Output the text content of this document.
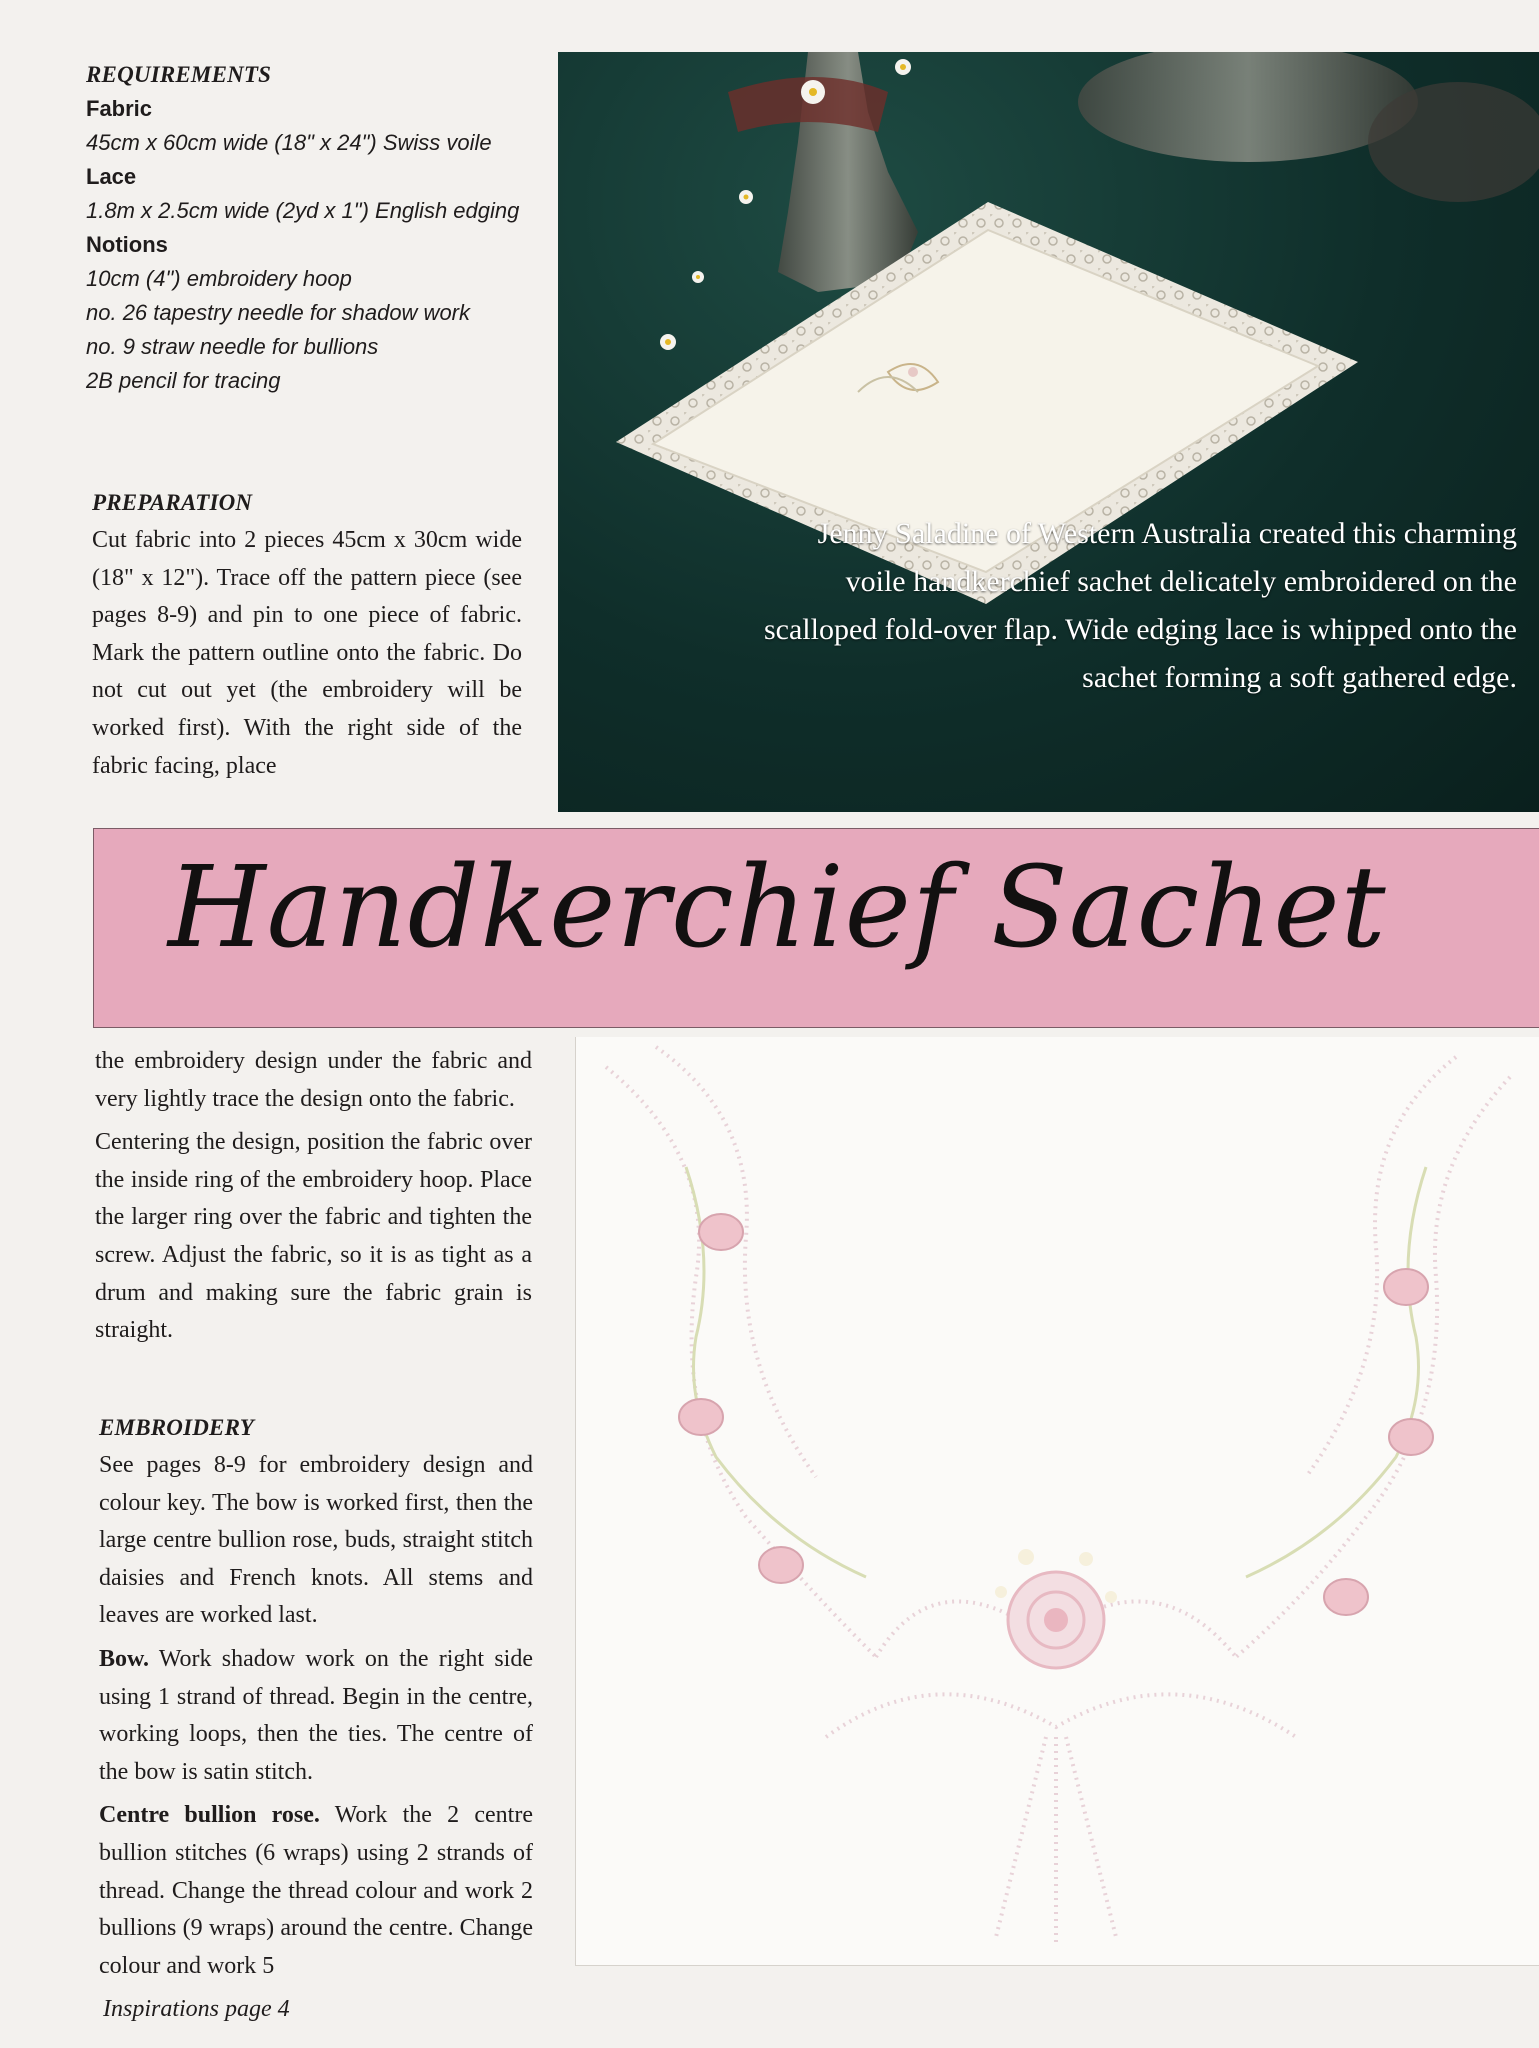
REQUIREMENTS
Fabric
45cm x 60cm wide (18" x 24") Swiss voile
Lace
1.8m x 2.5cm wide (2yd x 1") English edging
Notions
10cm (4") embroidery hoop
no. 26 tapestry needle for shadow work
no. 9 straw needle for bullions
2B pencil for tracing
PREPARATION

Cut fabric into 2 pieces 45cm x 30cm wide (18" x 12"). Trace off the pattern piece (see pages 8-9) and pin to one piece of fabric. Mark the pattern outline onto the fabric. Do not cut out yet (the embroidery will be worked first). With the right side of the fabric facing, place

Jenny Saladine of Western Australia created this charming voile handkerchief sachet delicately embroidered on the scalloped fold-over flap. Wide edging lace is whipped onto the sachet forming a soft gathered edge.
Handkerchief Sachet

the embroidery design under the fabric and very lightly trace the design onto the fabric.

Centering the design, position the fabric over the inside ring of the embroidery hoop. Place the larger ring over the fabric and tighten the screw. Adjust the fabric, so it is as tight as a drum and making sure the fabric grain is straight.

EMBROIDERY

See pages 8-9 for embroidery design and colour key. The bow is worked first, then the large centre bullion rose, buds, straight stitch daisies and French knots. All stems and leaves are worked last.

Bow. Work shadow work on the right side using 1 strand of thread. Begin in the centre, working loops, then the ties. The centre of the bow is satin stitch.

Centre bullion rose. Work the 2 centre bullion stitches (6 wraps) using 2 strands of thread. Change the thread colour and work 2 bullions (9 wraps) around the centre. Change colour and work 5

Inspirations page 4
